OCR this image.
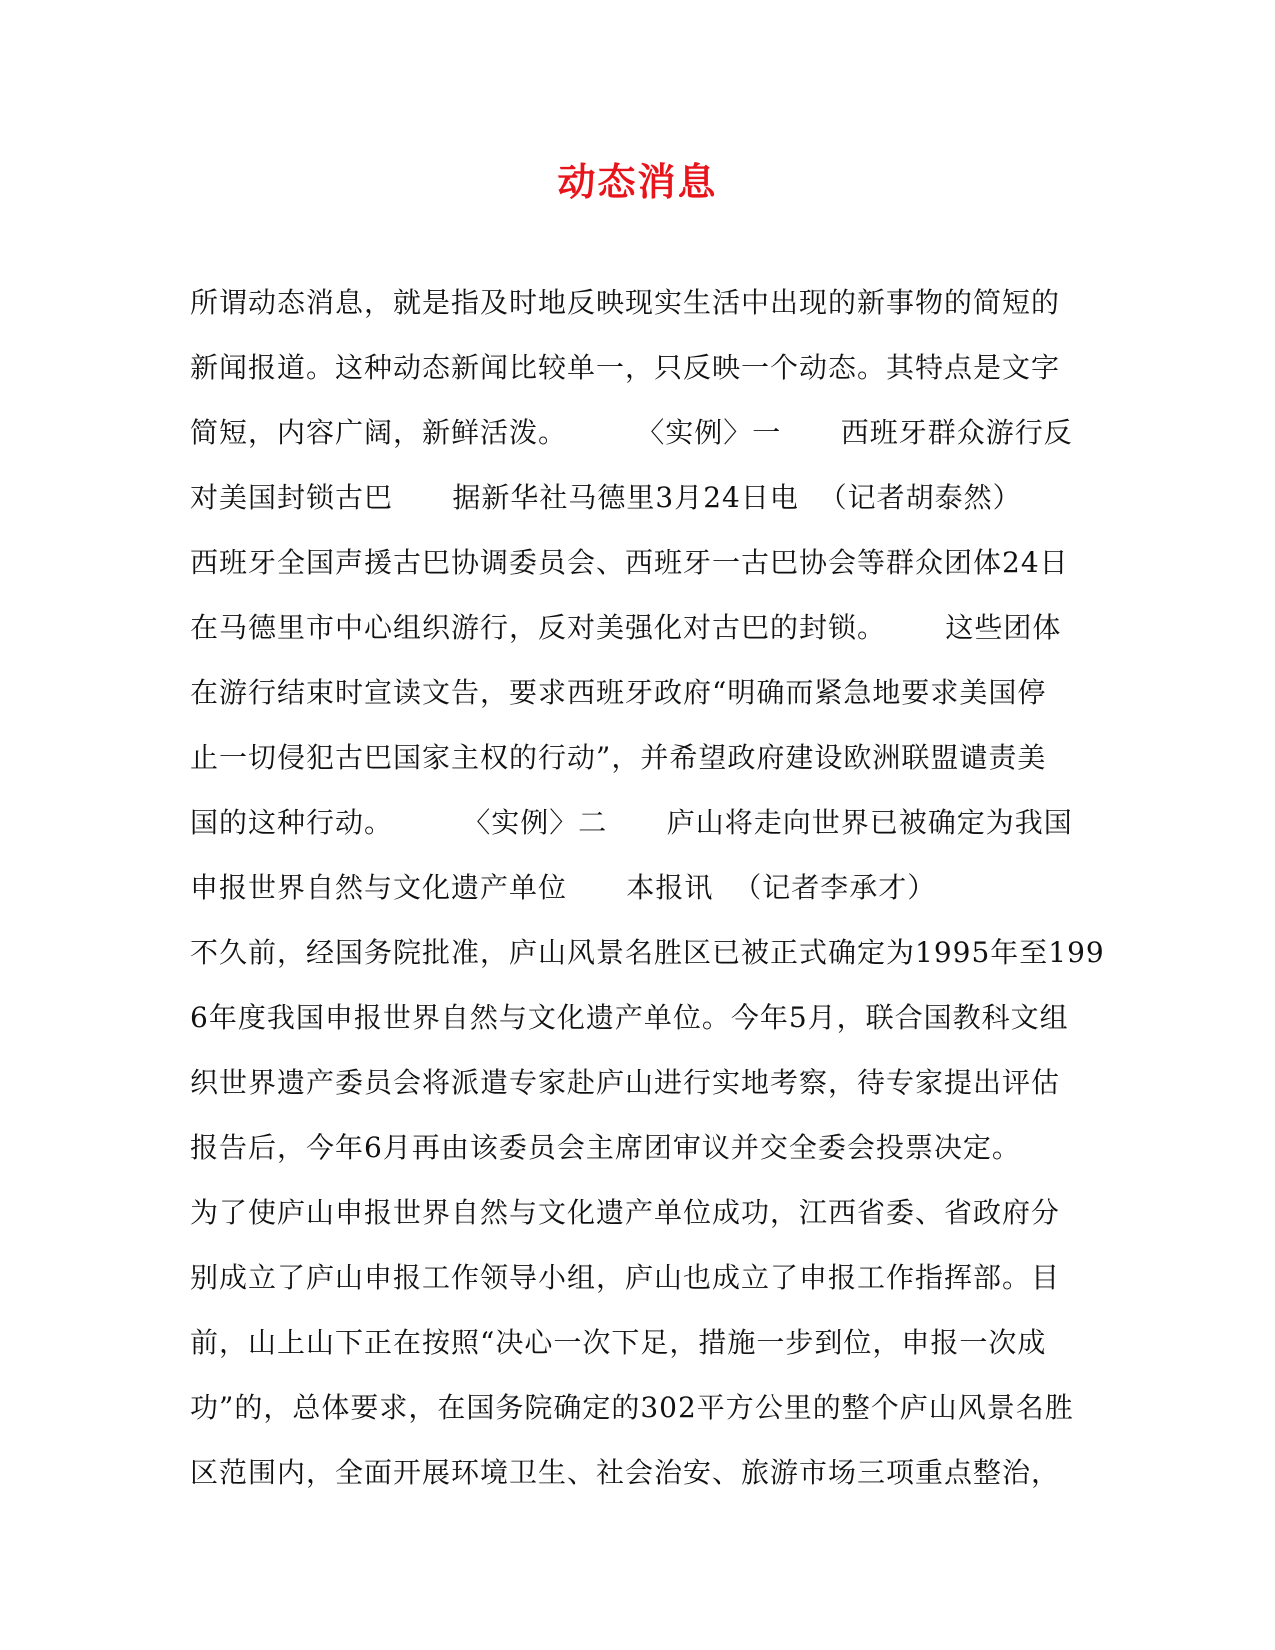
动态消息
所谓动态消息，就是指及时地反映现实生活中出现的新事物的简短的
新闻报道。这种动态新闻比较单一，只反映一个动态。其特点是文字
简短，内容广阔，新鲜活泼。       〈实例〉一      西班牙群众游行反
对美国封锁古巴      据新华社马德里3月24日电  （记者胡泰然）
西班牙全国声援古巴协调委员会、西班牙一古巴协会等群众团体24日
在马德里市中心组织游行，反对美强化对古巴的封锁。      这些团体
在游行结束时宣读文告，要求西班牙政府“明确而紧急地要求美国停
止一切侵犯古巴国家主权的行动”，并希望政府建设欧洲联盟谴责美
国的这种行动。       〈实例〉二      庐山将走向世界已被确定为我国
申报世界自然与文化遗产单位      本报讯  （记者李承才）
不久前，经国务院批准，庐山风景名胜区已被正式确定为1995年至199
6年度我国申报世界自然与文化遗产单位。今年5月，联合国教科文组
织世界遗产委员会将派遣专家赴庐山进行实地考察，待专家提出评估
报告后，今年6月再由该委员会主席团审议并交全委会投票决定。
为了使庐山申报世界自然与文化遗产单位成功，江西省委、省政府分
别成立了庐山申报工作领导小组，庐山也成立了申报工作指挥部。目
前，山上山下正在按照“决心一次下足，措施一步到位，申报一次成
功”的，总体要求，在国务院确定的302平方公里的整个庐山风景名胜
区范围内，全面开展环境卫生、社会治安、旅游市场三项重点整治，
